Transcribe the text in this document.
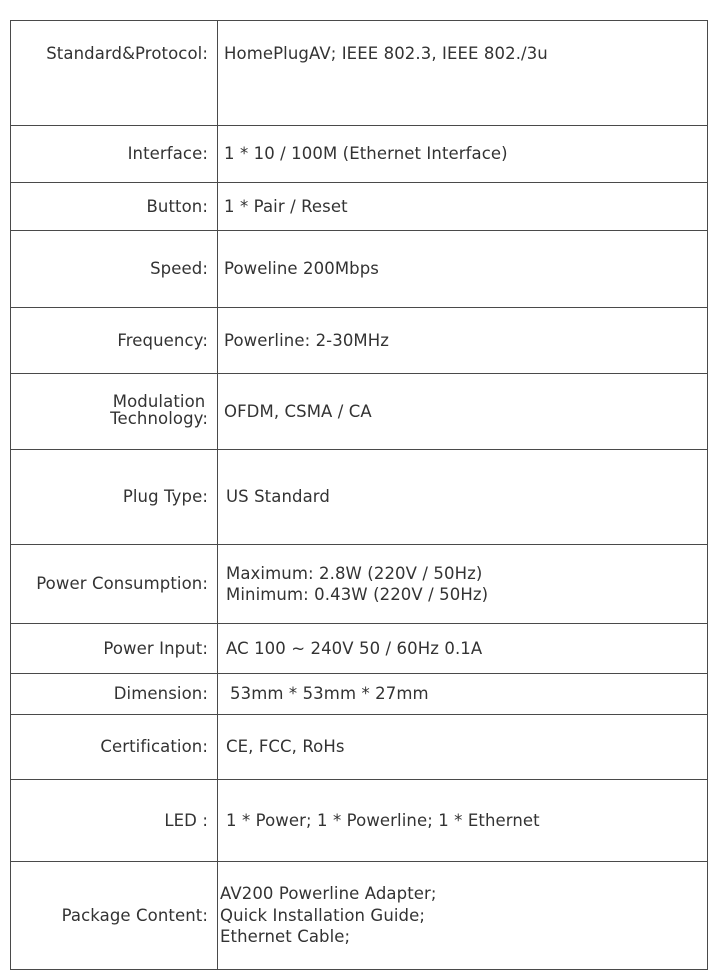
Standard&Protocol:	HomePlugAV; IEEE 802.3, IEEE 802./3u
Interface:	1 * 10 / 100M (Ethernet Interface)
Button:	1 * Pair / Reset
Speed:	Poweline 200Mbps
Frequency:	Powerline: 2-30MHz

Modulation
Technology:	OFDM, CSMA / CA
Plug Type:	US Standard
Power Consumption:	Maximum: 2.8W (220V / 50Hz)
Minimum: 0.43W (220V / 50Hz)

Power Input:	AC 100 ~ 240V 50 / 60Hz 0.1A
Dimension:	53mm * 53mm * 27mm
Certification:	CE, FCC, RoHs
LED :	1 * Power; 1 * Powerline; 1 * Ethernet
Package Content:	AV200 Powerline Adapter;
Quick Installation Guide;
Ethernet Cable;
